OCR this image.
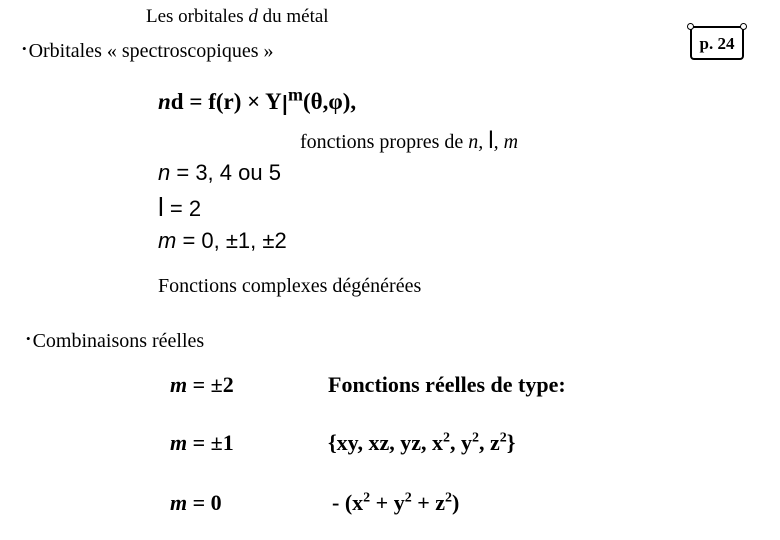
Les orbitales d du métal
p. 24
• Orbitales « spectroscopiques »
nd = $f(r) \times Yl^m(\theta,\varphi)$,
fonctions propres de n, l, m
n = 3, 4 ou 5
l = 2
m = 0, ±1, ±2
Fonctions complexes dégénérées
• Combinaisons réelles
m = ±2	Fonctions réelles de type:
m = ±1	{xy, xz, yz, $x^2$, $y^2$, $z^2$}
m = 0	- $(x^2 + y^2 + z^2)$
